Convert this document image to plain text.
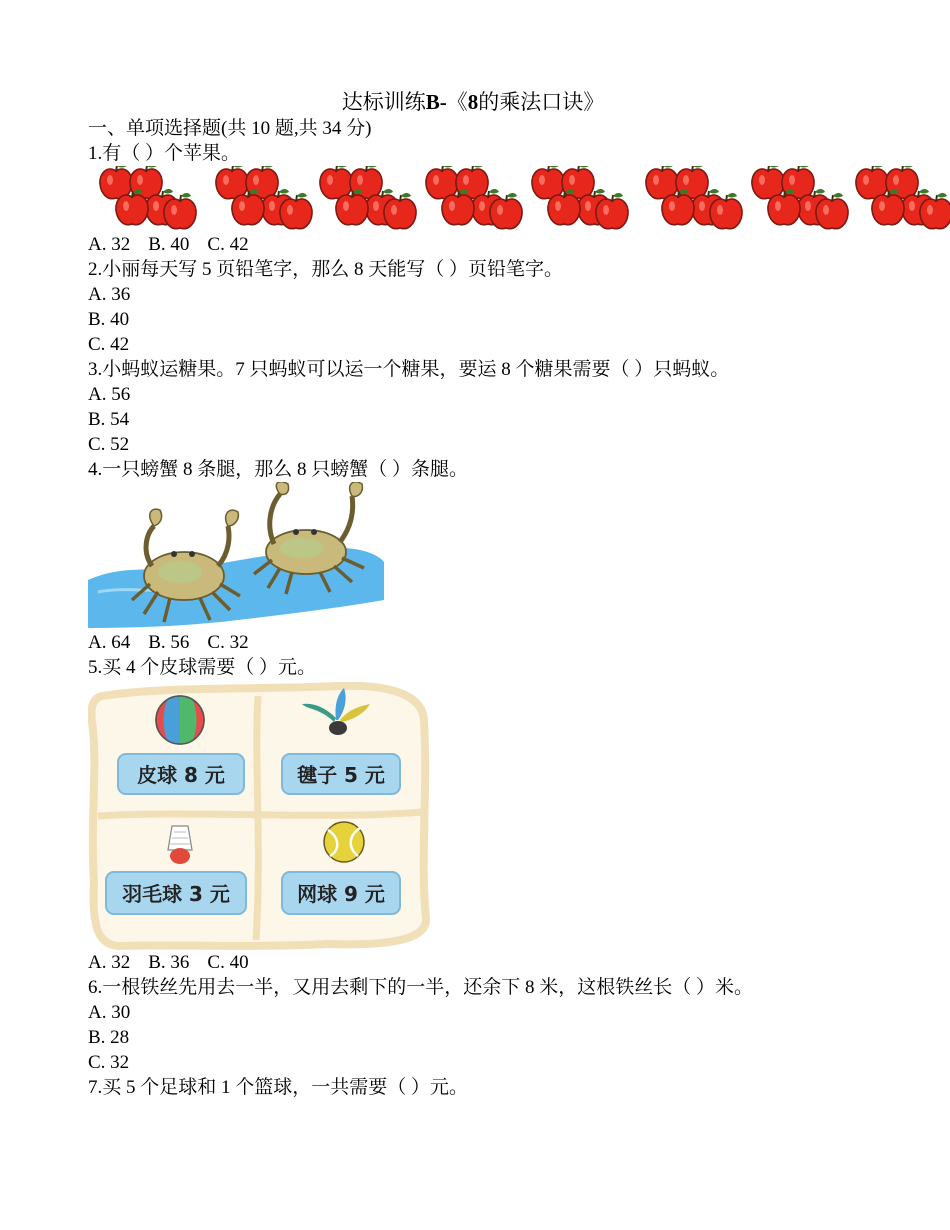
达标训练B-《8的乘法口诀》
一、单项选择题(共 10 题,共 34 分)
1.有（ ）个苹果。
A. 32 B. 40 C. 42
2.小丽每天写 5 页铅笔字，那么 8 天能写（ ）页铅笔字。
A. 36
B. 40
C. 42
3.小蚂蚁运糖果。7 只蚂蚁可以运一个糖果，要运 8 个糖果需要（ ）只蚂蚁。
A. 56
B. 54
C. 52
4.一只螃蟹 8 条腿，那么 8 只螃蟹（ ）条腿。
A. 64 B. 56 C. 32
5.买 4 个皮球需要（ ）元。
皮球 8 元	毽子 5 元
羽毛球 3 元	网球 9 元
A. 32 B. 36 C. 40
6.一根铁丝先用去一半，又用去剩下的一半，还余下 8 米，这根铁丝长（ ）米。
A. 30
B. 28
C. 32
7.买 5 个足球和 1 个篮球，一共需要（ ）元。
